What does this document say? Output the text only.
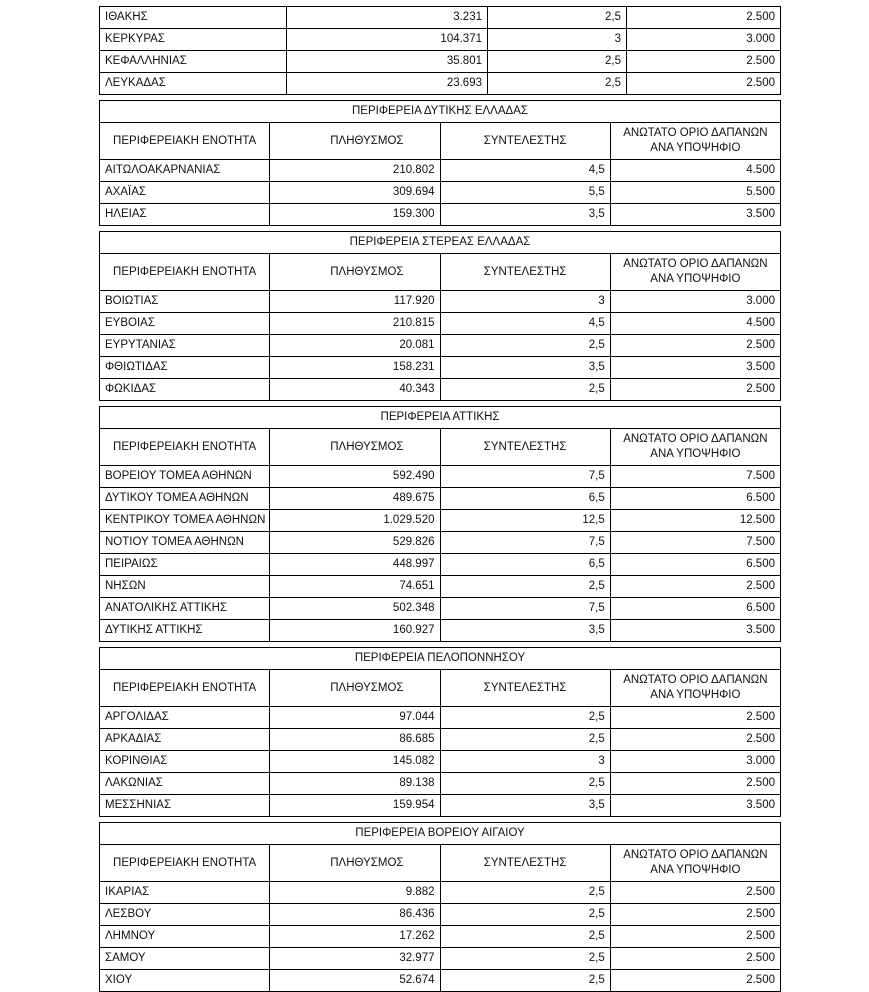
ΙΘΑΚΗΣ	3.231	2,5	2.500
ΚΕΡΚΥΡΑΣ	104.371	3	3.000
ΚΕΦΑΛΛΗΝΙΑΣ	35.801	2,5	2.500
ΛΕΥΚΑΔΑΣ	23.693	2,5	2.500
ΠΕΡΙΦΕΡΕΙΑ ΔΥΤΙΚΗΣ ΕΛΛΑΔΑΣ			
ΠΕΡΙΦΕΡΕΙΑΚΗ ΕΝΟΤΗΤΑ	ΠΛΗΘΥΣΜΟΣ	ΣΥΝΤΕΛΕΣΤΗΣ	ΑΝΩΤΑΤΟ ΟΡΙΟ ΔΑΠΑΝΩΝ ΑΝΑ ΥΠΟΨΗΦΙΟ
ΑΙΤΩΛΟΑΚΑΡΝΑΝΙΑΣ	210.802	4,5	4.500
ΑΧΑΪΑΣ	309.694	5,5	5.500
ΗΛΕΙΑΣ	159.300	3,5	3.500
ΠΕΡΙΦΕΡΕΙΑ ΣΤΕΡΕΑΣ ΕΛΛΑΔΑΣ			
ΠΕΡΙΦΕΡΕΙΑΚΗ ΕΝΟΤΗΤΑ	ΠΛΗΘΥΣΜΟΣ	ΣΥΝΤΕΛΕΣΤΗΣ	ΑΝΩΤΑΤΟ ΟΡΙΟ ΔΑΠΑΝΩΝ ΑΝΑ ΥΠΟΨΗΦΙΟ
ΒΟΙΩΤΙΑΣ	117.920	3	3.000
ΕΥΒΟΙΑΣ	210.815	4,5	4.500
ΕΥΡΥΤΑΝΙΑΣ	20.081	2,5	2.500
ΦΘΙΩΤΙΔΑΣ	158.231	3,5	3.500
ΦΩΚΙΔΑΣ	40.343	2,5	2.500
ΠΕΡΙΦΕΡΕΙΑ ΑΤΤΙΚΗΣ			
ΠΕΡΙΦΕΡΕΙΑΚΗ ΕΝΟΤΗΤΑ	ΠΛΗΘΥΣΜΟΣ	ΣΥΝΤΕΛΕΣΤΗΣ	ΑΝΩΤΑΤΟ ΟΡΙΟ ΔΑΠΑΝΩΝ ΑΝΑ ΥΠΟΨΗΦΙΟ
ΒΟΡΕΙΟΥ ΤΟΜΕΑ ΑΘΗΝΩΝ	592.490	7,5	7.500
ΔΥΤΙΚΟΥ ΤΟΜΕΑ ΑΘΗΝΩΝ	489.675	6,5	6.500
ΚΕΝΤΡΙΚΟΥ ΤΟΜΕΑ ΑΘΗΝΩΝ	1.029.520	12,5	12.500
ΝΟΤΙΟΥ ΤΟΜΕΑ ΑΘΗΝΩΝ	529.826	7,5	7.500
ΠΕΙΡΑΙΩΣ	448.997	6,5	6.500
ΝΗΣΩΝ	74.651	2,5	2.500
ΑΝΑΤΟΛΙΚΗΣ ΑΤΤΙΚΗΣ	502.348	7,5	6.500
ΔΥΤΙΚΗΣ ΑΤΤΙΚΗΣ	160.927	3,5	3.500
ΠΕΡΙΦΕΡΕΙΑ ΠΕΛΟΠΟΝΝΗΣΟΥ			
ΠΕΡΙΦΕΡΕΙΑΚΗ ΕΝΟΤΗΤΑ	ΠΛΗΘΥΣΜΟΣ	ΣΥΝΤΕΛΕΣΤΗΣ	ΑΝΩΤΑΤΟ ΟΡΙΟ ΔΑΠΑΝΩΝ ΑΝΑ ΥΠΟΨΗΦΙΟ
ΑΡΓΟΛΙΔΑΣ	97.044	2,5	2.500
ΑΡΚΑΔΙΑΣ	86.685	2,5	2.500
ΚΟΡΙΝΘΙΑΣ	145.082	3	3.000
ΛΑΚΩΝΙΑΣ	89.138	2,5	2.500
ΜΕΣΣΗΝΙΑΣ	159.954	3,5	3.500
ΠΕΡΙΦΕΡΕΙΑ ΒΟΡΕΙΟΥ ΑΙΓΑΙΟΥ			
ΠΕΡΙΦΕΡΕΙΑΚΗ ΕΝΟΤΗΤΑ	ΠΛΗΘΥΣΜΟΣ	ΣΥΝΤΕΛΕΣΤΗΣ	ΑΝΩΤΑΤΟ ΟΡΙΟ ΔΑΠΑΝΩΝ ΑΝΑ ΥΠΟΨΗΦΙΟ
ΙΚΑΡΙΑΣ	9.882	2,5	2.500
ΛΕΣΒΟΥ	86.436	2,5	2.500
ΛΗΜΝΟΥ	17.262	2,5	2.500
ΣΑΜΟΥ	32.977	2,5	2.500
ΧΙΟΥ	52.674	2,5	2.500
